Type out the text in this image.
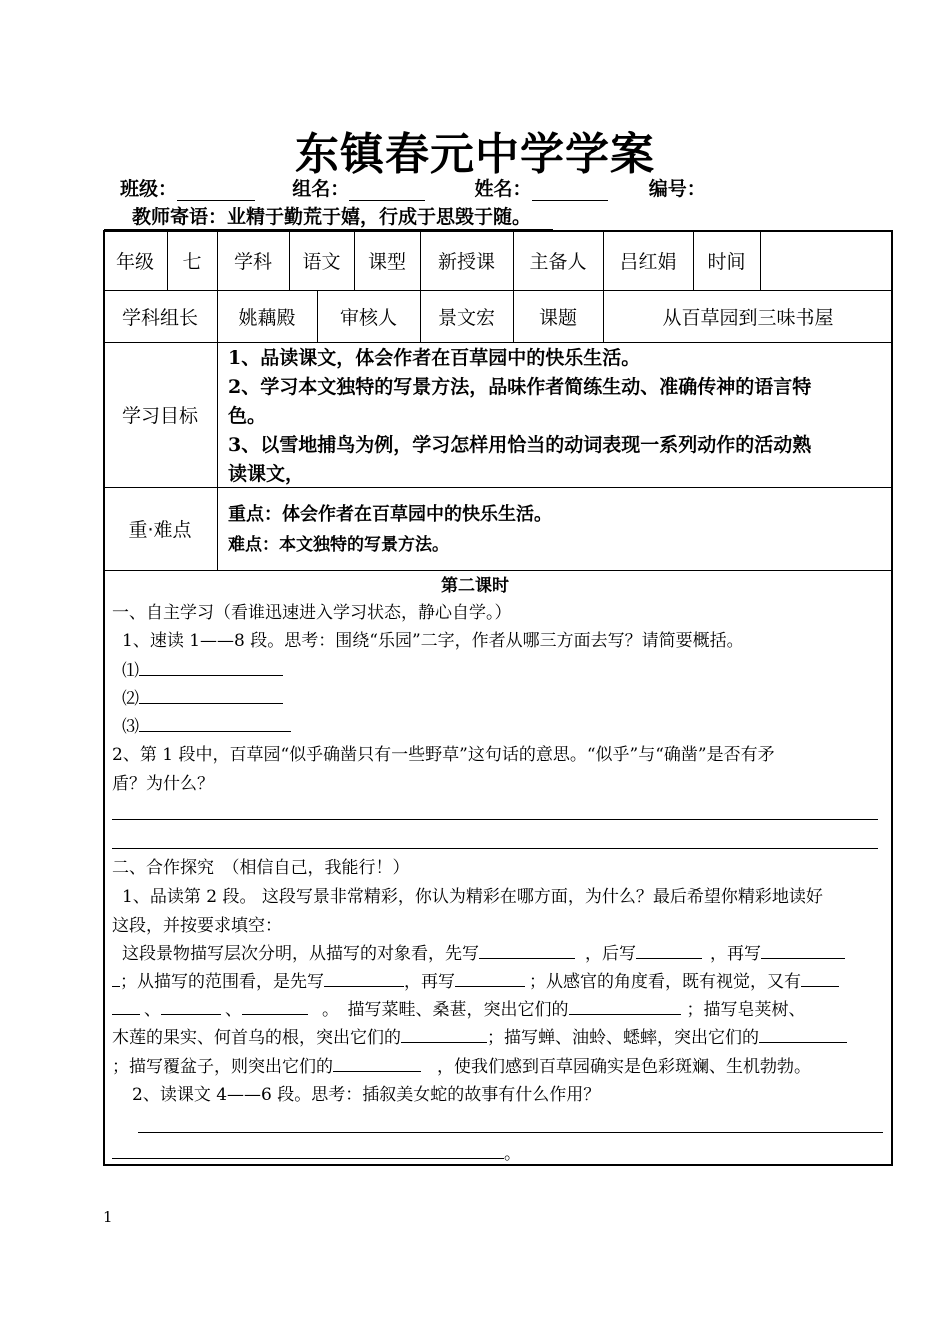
东镇春元中学学案
班级：	组名：	姓名：	编号：
教师寄语：业精于勤荒于嬉，行成于思毁于随。
年级	七	学科	语文	课型	新授课	主备人	吕红娟	时间
学科组长	姚藕殿	审核人	景文宏	课题	从百草园到三味书屋
学习目标
1、品读课文，体会作者在百草园中的快乐生活。
2、学习本文独特的写景方法，品味作者简练生动、准确传神的语言特
色。
3、以雪地捕鸟为例，学习怎样用恰当的动词表现一系列动作的活动熟
读课文，
重·难点
重点：体会作者在百草园中的快乐生活。
难点：本文独特的写景方法。
第二课时
一、自主学习（看谁迅速进入学习状态，静心自学。）
1、速读 1——8 段。思考：围绕“乐园”二字，作者从哪三方面去写？请简要概括。
⑴
⑵
⑶
2、第 1 段中，百草园“似乎确凿只有一些野草”这句话的意思。“似乎”与“确凿”是否有矛
盾？为什么？
二、合作探究　（相信自己，我能行！）
1、品读第 2 段。 这段写景非常精彩，你认为精彩在哪方面，为什么？最后希望你精彩地读好
这段，并按要求填空：
这段景物描写层次分明，从描写的对象看，先写	，后写	，再写
；从描写的范围看，是先写	，再写	；从感官的角度看，既有视觉，又有
、	、	。　描写菜畦、桑葚，突出它们的	；描写皂荚树、
木莲的果实、何首乌的根，突出它们的	；描写蝉、油蛉、蟋蟀，突出它们的
；描写覆盆子，则突出它们的	，使我们感到百草园确实是色彩斑斓、生机勃勃。
2、读课文 4——6 段。思考：插叙美女蛇的故事有什么作用？
。
1
